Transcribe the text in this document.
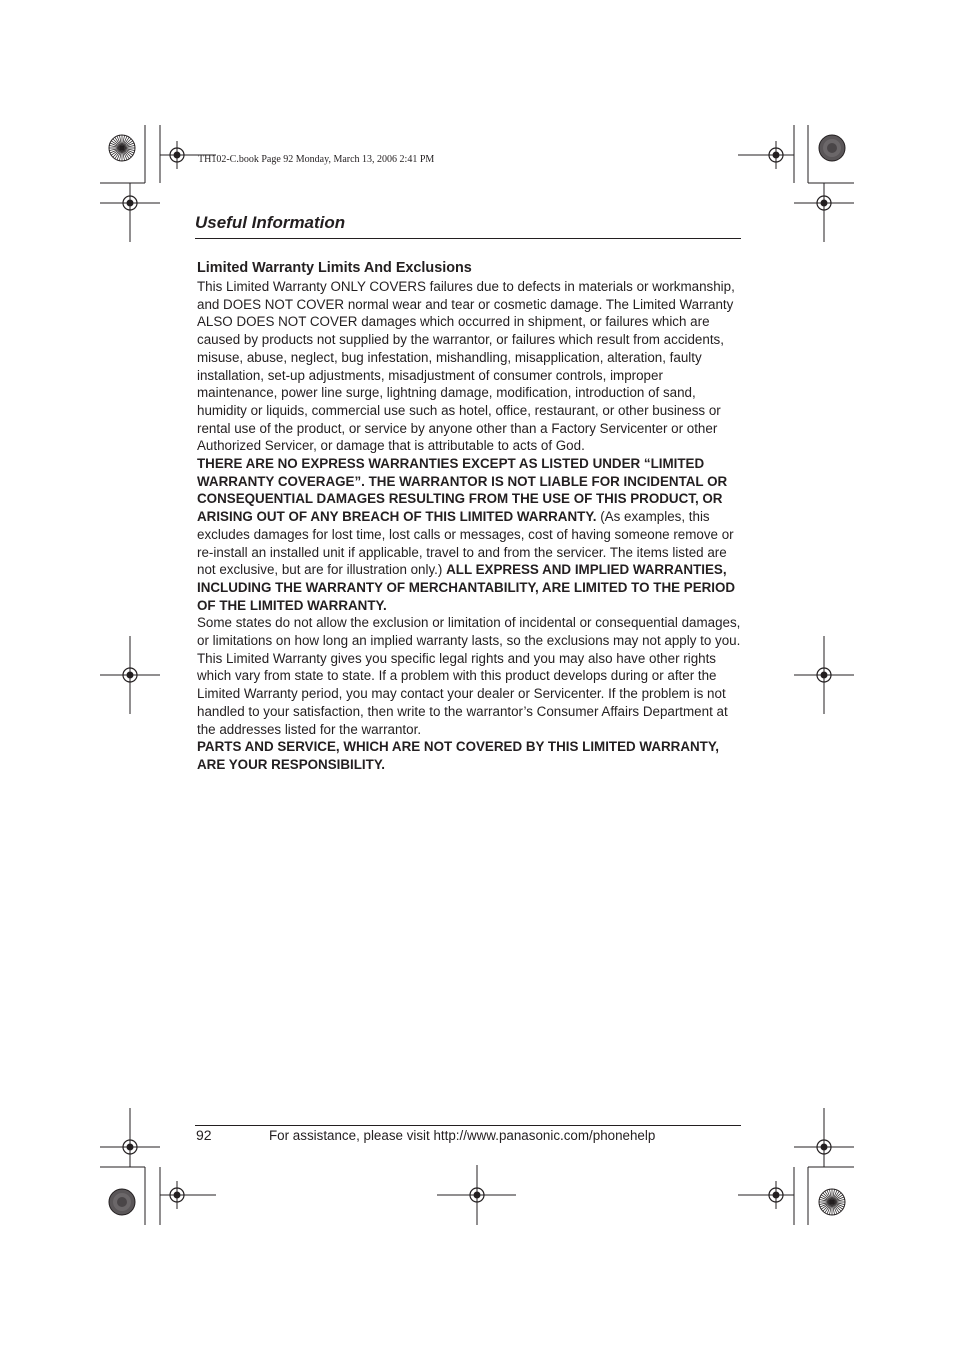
TH102-C.book Page 92 Monday, March 13, 2006 2:41 PM
Useful Information

Limited Warranty Limits And Exclusions

This Limited Warranty ONLY COVERS failures due to defects in materials or workmanship, and DOES NOT COVER normal wear and tear or cosmetic damage. The Limited Warranty ALSO DOES NOT COVER damages which occurred in shipment, or failures which are caused by products not supplied by the warrantor, or failures which result from accidents, misuse, abuse, neglect, bug infestation, mishandling, misapplication, alteration, faulty installation, set-up adjustments, misadjustment of consumer controls, improper maintenance, power line surge, lightning damage, modification, introduction of sand, humidity or liquids, commercial use such as hotel, office, restaurant, or other business or rental use of the product, or service by anyone other than a Factory Servicenter or other Authorized Servicer, or damage that is attributable to acts of God.

THERE ARE NO EXPRESS WARRANTIES EXCEPT AS LISTED UNDER “LIMITED WARRANTY COVERAGE”. THE WARRANTOR IS NOT LIABLE FOR INCIDENTAL OR CONSEQUENTIAL DAMAGES RESULTING FROM THE USE OF THIS PRODUCT, OR ARISING OUT OF ANY BREACH OF THIS LIMITED WARRANTY. (As examples, this excludes damages for lost time, lost calls or messages, cost of having someone remove or re-install an installed unit if applicable, travel to and from the servicer. The items listed are not exclusive, but are for illustration only.) ALL EXPRESS AND IMPLIED WARRANTIES, INCLUDING THE WARRANTY OF MERCHANTABILITY, ARE LIMITED TO THE PERIOD OF THE LIMITED WARRANTY.

Some states do not allow the exclusion or limitation of incidental or consequential damages, or limitations on how long an implied warranty lasts, so the exclusions may not apply to you.

This Limited Warranty gives you specific legal rights and you may also have other rights which vary from state to state. If a problem with this product develops during or after the Limited Warranty period, you may contact your dealer or Servicenter. If the problem is not handled to your satisfaction, then write to the warrantor’s Consumer Affairs Department at the addresses listed for the warrantor.

PARTS AND SERVICE, WHICH ARE NOT COVERED BY THIS LIMITED WARRANTY, ARE YOUR RESPONSIBILITY.

92	For assistance, please visit http://www.panasonic.com/phonehelp
